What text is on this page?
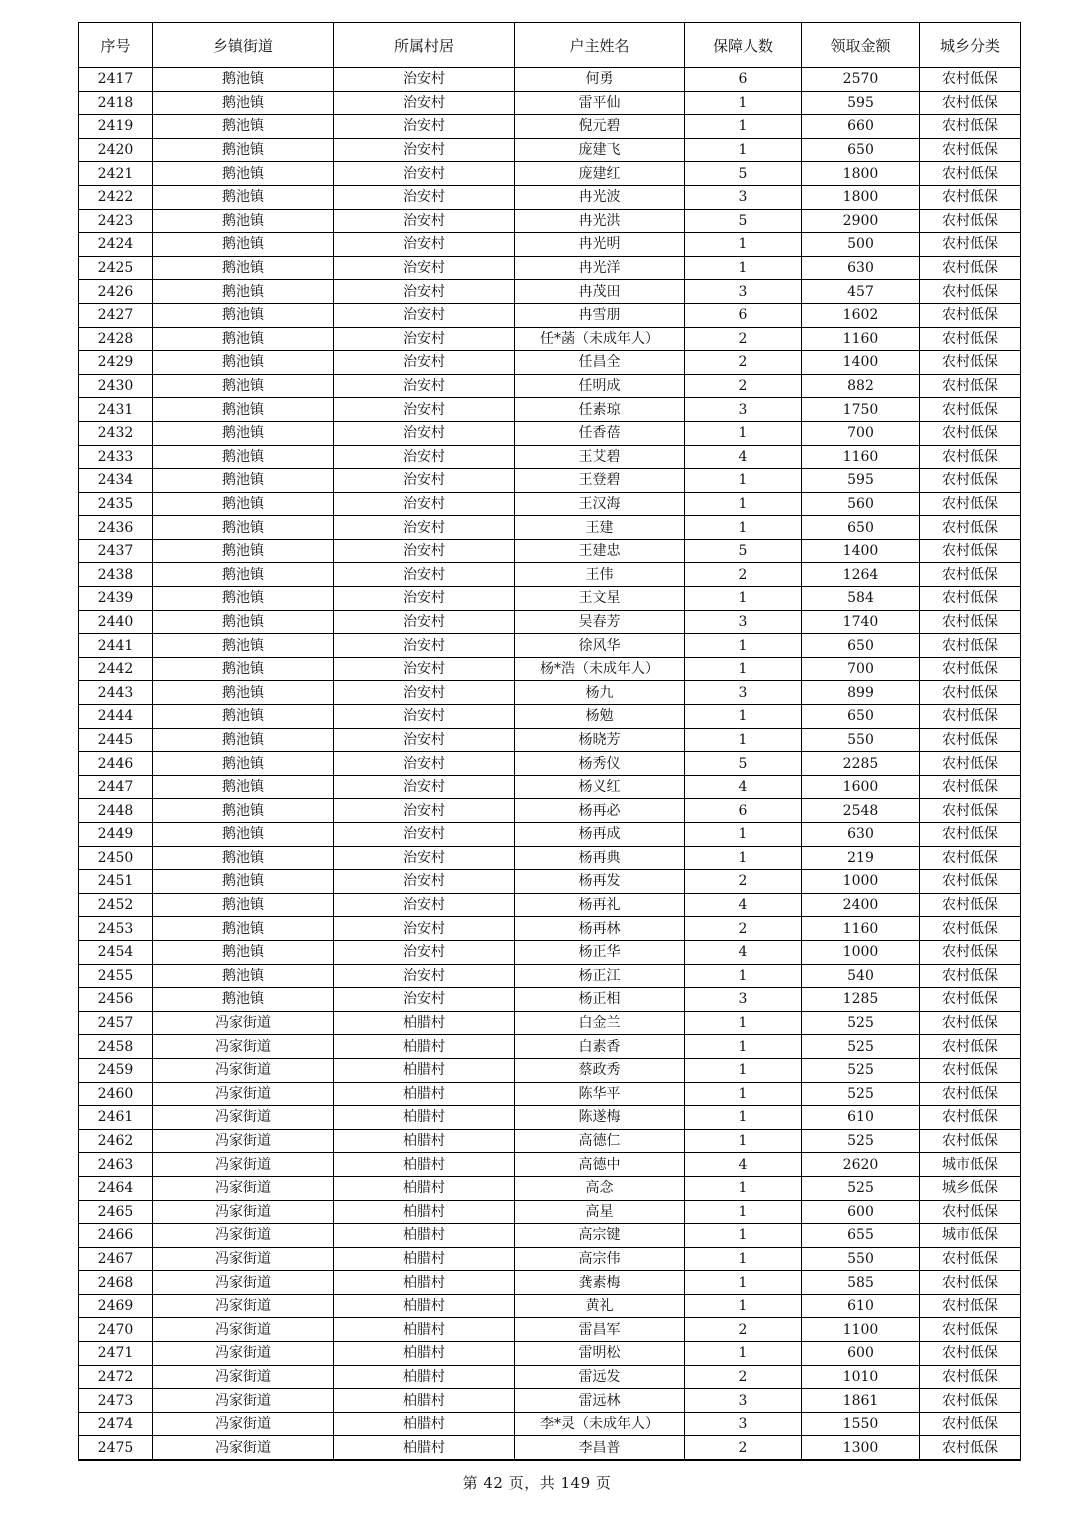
序号	乡镇街道	所属村居	户主姓名	保障人数	领取金额	城乡分类
2417	鹅池镇	治安村	何勇	6	2570	农村低保
2418	鹅池镇	治安村	雷平仙	1	595	农村低保
2419	鹅池镇	治安村	倪元碧	1	660	农村低保
2420	鹅池镇	治安村	庞建飞	1	650	农村低保
2421	鹅池镇	治安村	庞建红	5	1800	农村低保
2422	鹅池镇	治安村	冉光波	3	1800	农村低保
2423	鹅池镇	治安村	冉光洪	5	2900	农村低保
2424	鹅池镇	治安村	冉光明	1	500	农村低保
2425	鹅池镇	治安村	冉光洋	1	630	农村低保
2426	鹅池镇	治安村	冉茂田	3	457	农村低保
2427	鹅池镇	治安村	冉雪朋	6	1602	农村低保
2428	鹅池镇	治安村	任*菡（未成年人）	2	1160	农村低保
2429	鹅池镇	治安村	任昌全	2	1400	农村低保
2430	鹅池镇	治安村	任明成	2	882	农村低保
2431	鹅池镇	治安村	任素琼	3	1750	农村低保
2432	鹅池镇	治安村	任香蓓	1	700	农村低保
2433	鹅池镇	治安村	王艾碧	4	1160	农村低保
2434	鹅池镇	治安村	王登碧	1	595	农村低保
2435	鹅池镇	治安村	王汉海	1	560	农村低保
2436	鹅池镇	治安村	王建	1	650	农村低保
2437	鹅池镇	治安村	王建忠	5	1400	农村低保
2438	鹅池镇	治安村	王伟	2	1264	农村低保
2439	鹅池镇	治安村	王文星	1	584	农村低保
2440	鹅池镇	治安村	吴春芳	3	1740	农村低保
2441	鹅池镇	治安村	徐风华	1	650	农村低保
2442	鹅池镇	治安村	杨*浩（未成年人）	1	700	农村低保
2443	鹅池镇	治安村	杨九	3	899	农村低保
2444	鹅池镇	治安村	杨勉	1	650	农村低保
2445	鹅池镇	治安村	杨晓芳	1	550	农村低保
2446	鹅池镇	治安村	杨秀仪	5	2285	农村低保
2447	鹅池镇	治安村	杨义红	4	1600	农村低保
2448	鹅池镇	治安村	杨再必	6	2548	农村低保
2449	鹅池镇	治安村	杨再成	1	630	农村低保
2450	鹅池镇	治安村	杨再典	1	219	农村低保
2451	鹅池镇	治安村	杨再发	2	1000	农村低保
2452	鹅池镇	治安村	杨再礼	4	2400	农村低保
2453	鹅池镇	治安村	杨再林	2	1160	农村低保
2454	鹅池镇	治安村	杨正华	4	1000	农村低保
2455	鹅池镇	治安村	杨正江	1	540	农村低保
2456	鹅池镇	治安村	杨正相	3	1285	农村低保
2457	冯家街道	柏腊村	白金兰	1	525	农村低保
2458	冯家街道	柏腊村	白素香	1	525	农村低保
2459	冯家街道	柏腊村	蔡政秀	1	525	农村低保
2460	冯家街道	柏腊村	陈华平	1	525	农村低保
2461	冯家街道	柏腊村	陈遂梅	1	610	农村低保
2462	冯家街道	柏腊村	高德仁	1	525	农村低保
2463	冯家街道	柏腊村	高德中	4	2620	城市低保
2464	冯家街道	柏腊村	高念	1	525	城乡低保
2465	冯家街道	柏腊村	高星	1	600	农村低保
2466	冯家街道	柏腊村	高宗键	1	655	城市低保
2467	冯家街道	柏腊村	高宗伟	1	550	农村低保
2468	冯家街道	柏腊村	龚素梅	1	585	农村低保
2469	冯家街道	柏腊村	黄礼	1	610	农村低保
2470	冯家街道	柏腊村	雷昌军	2	1100	农村低保
2471	冯家街道	柏腊村	雷明松	1	600	农村低保
2472	冯家街道	柏腊村	雷远发	2	1010	农村低保
2473	冯家街道	柏腊村	雷远林	3	1861	农村低保
2474	冯家街道	柏腊村	李*灵（未成年人）	3	1550	农村低保
2475	冯家街道	柏腊村	李昌普	2	1300	农村低保
第 42 页，共 149 页
